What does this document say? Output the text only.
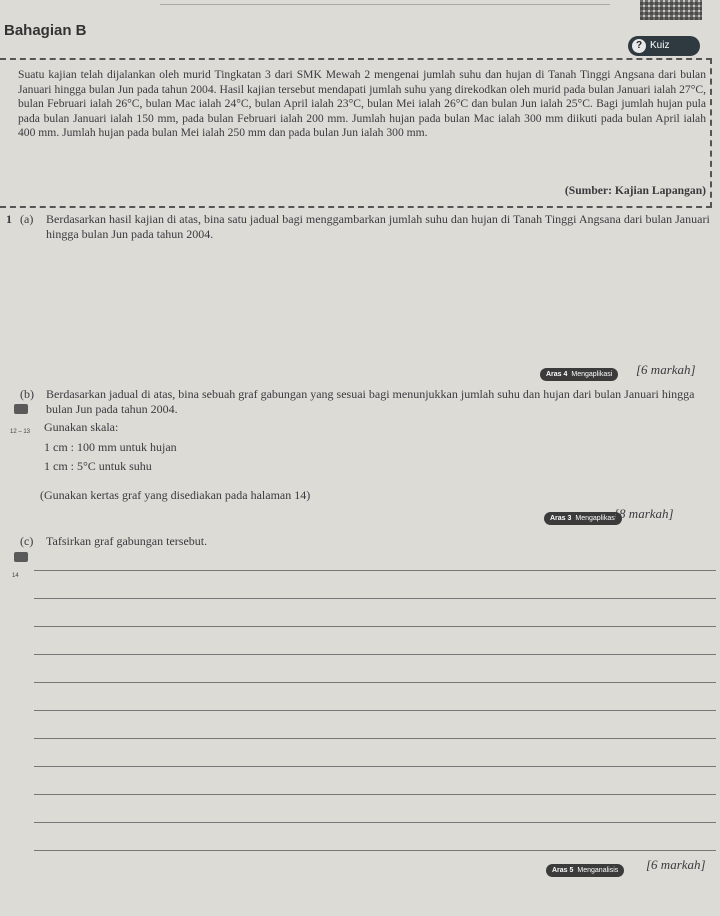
Bahagian B
? Kuiz
Suatu kajian telah dijalankan oleh murid Tingkatan 3 dari SMK Mewah 2 mengenai jumlah suhu dan hujan di Tanah Tinggi Angsana dari bulan Januari hingga bulan Jun pada tahun 2004. Hasil kajian tersebut mendapati jumlah suhu yang direkodkan oleh murid pada bulan Januari ialah 27°C, bulan Februari ialah 26°C, bulan Mac ialah 24°C, bulan April ialah 23°C, bulan Mei ialah 26°C dan bulan Jun ialah 25°C. Bagi jumlah hujan pula pada bulan Januari ialah 150 mm, pada bulan Februari ialah 200 mm. Jumlah hujan pada bulan Mac ialah 300 mm diikuti pada bulan April ialah 400 mm. Jumlah hujan pada bulan Mei ialah 250 mm dan pada bulan Jun ialah 300 mm.
(Sumber: Kajian Lapangan)
1 (a) Berdasarkan hasil kajian di atas, bina satu jadual bagi menggambarkan jumlah suhu dan hujan di Tanah Tinggi Angsana dari bulan Januari hingga bulan Jun pada tahun 2004.
Aras 4 Mengaplikasi	[6 markah]
(b) Berdasarkan jadual di atas, bina sebuah graf gabungan yang sesuai bagi menunjukkan jumlah suhu dan hujan dari bulan Januari hingga bulan Jun pada tahun 2004.
12 – 13 Gunakan skala:
1 cm : 100 mm untuk hujan
1 cm : 5°C untuk suhu
(Gunakan kertas graf yang disediakan pada halaman 14)
Aras 3 Mengaplikasi
[8 markah]
(c) Tafsirkan graf gabungan tersebut.
14
Aras 5 Menganalisis	[6 markah]
